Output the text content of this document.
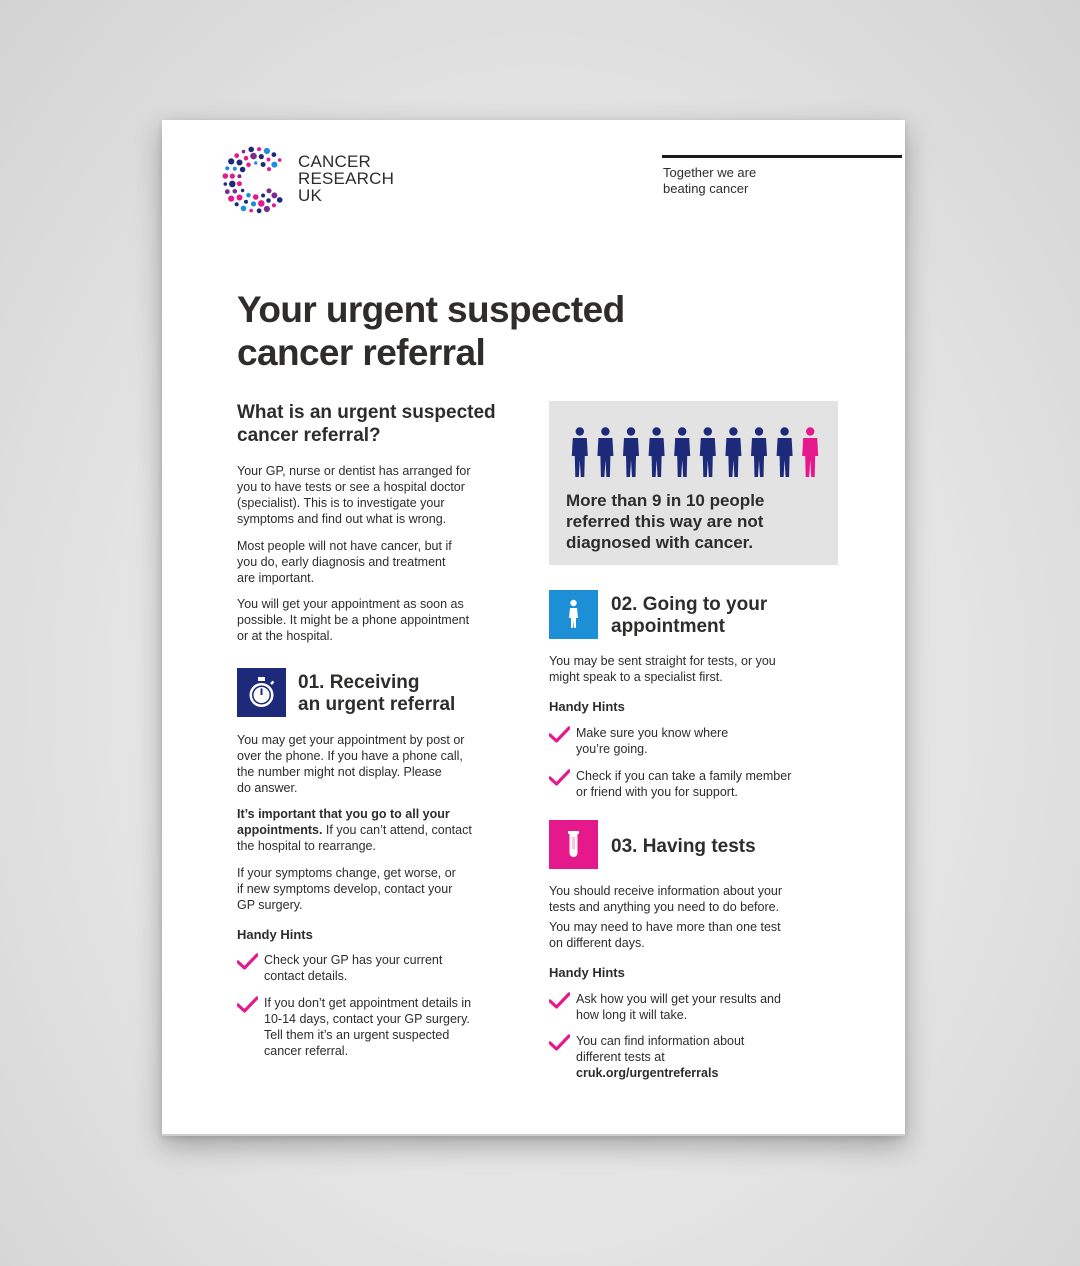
CANCER
RESEARCH
UK
Together we are
beating cancer
Your urgent suspected
cancer referral
What is an urgent suspected
cancer referral?
Your GP, nurse or dentist has arranged for
you to have tests or see a hospital doctor
(specialist). This is to investigate your
symptoms and find out what is wrong.
Most people will not have cancer, but if
you do, early diagnosis and treatment
are important.
You will get your appointment as soon as
possible. It might be a phone appointment
or at the hospital.
01. Receiving
an urgent referral
You may get your appointment by post or
over the phone. If you have a phone call,
the number might not display. Please
do answer.
It’s important that you go to all your
appointments. If you can’t attend, contact
the hospital to rearrange.
If your symptoms change, get worse, or
if new symptoms develop, contact your
GP surgery.
Handy Hints
Check your GP has your current
contact details.
If you don’t get appointment details in
10-14 days, contact your GP surgery.
Tell them it’s an urgent suspected
cancer referral.
More than 9 in 10 people
referred this way are not
diagnosed with cancer.
02. Going to your
appointment
You may be sent straight for tests, or you
might speak to a specialist first.
Handy Hints
Make sure you know where
you’re going.
Check if you can take a family member
or friend with you for support.
03. Having tests
You should receive information about your
tests and anything you need to do before.
You may need to have more than one test
on different days.
Handy Hints
Ask how you will get your results and
how long it will take.
You can find information about
different tests at
cruk.org/urgentreferrals
